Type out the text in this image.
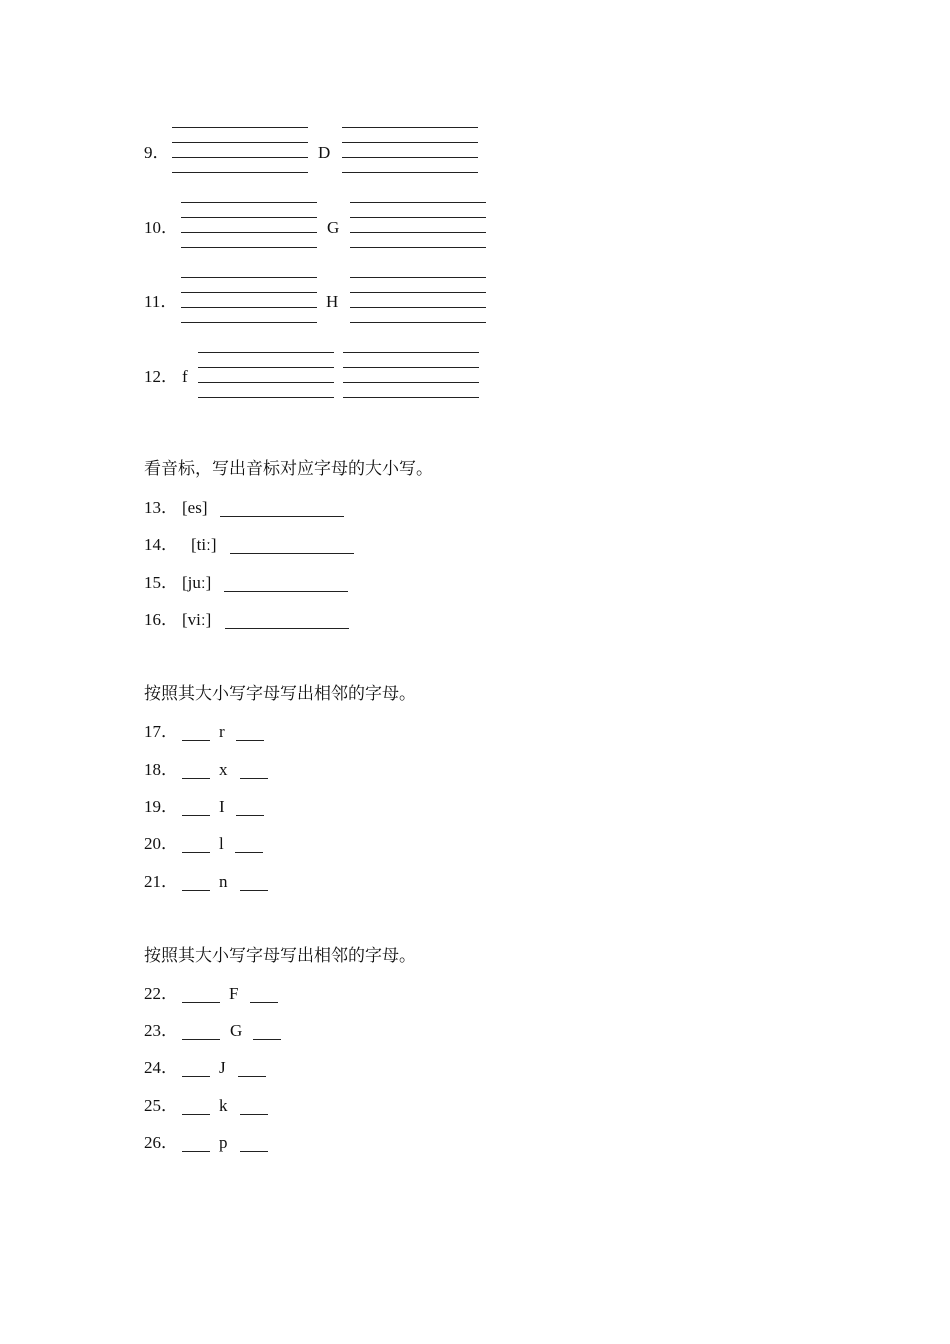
9．	D
10．	G
11．	H
12． f
看音标，写出音标对应字母的大小写。
13． [es]
14． [tiː]
15． [juː]
16． [viː]
按照其大小写字母写出相邻的字母。
17． r
18． x
19． I
20． l
21． n
按照其大小写字母写出相邻的字母。
22．	F
23．	G
24． J
25． k
26． p
